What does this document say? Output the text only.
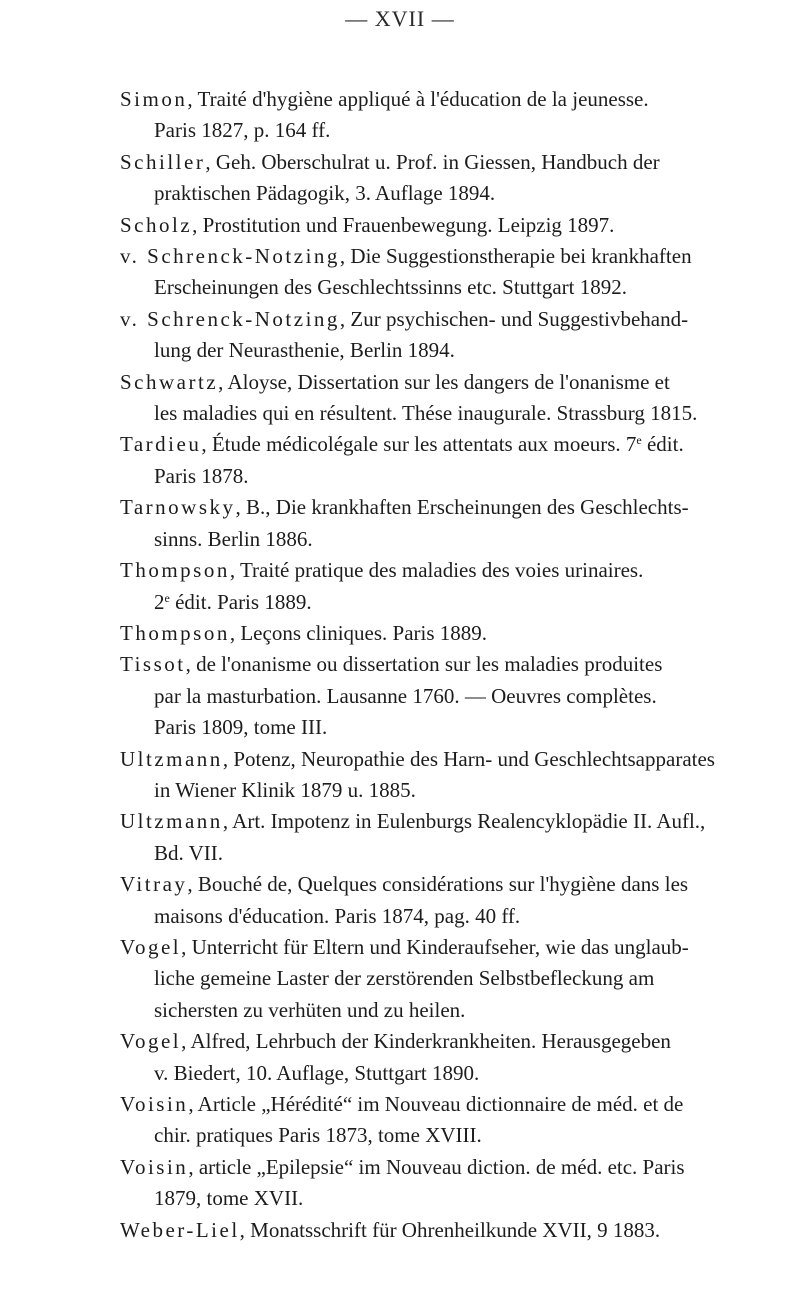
— XVII —
Simon, Traité d'hygiène appliqué à l'éducation de la jeunesse.
Paris 1827, p. 164 ff.
Schiller, Geh. Oberschulrat u. Prof. in Giessen, Handbuch der
praktischen Pädagogik, 3. Auflage 1894.
Scholz, Prostitution und Frauenbewegung. Leipzig 1897.
v. Schrenck-Notzing, Die Suggestionstherapie bei krankhaften
Erscheinungen des Geschlechtssinns etc. Stuttgart 1892.
v. Schrenck-Notzing, Zur psychischen- und Suggestivbehand-
lung der Neurasthenie, Berlin 1894.
Schwartz, Aloyse, Dissertation sur les dangers de l'onanisme et
les maladies qui en résultent. Thése inaugurale. Strassburg 1815.
Tardieu, Étude médicolégale sur les attentats aux moeurs. 7e édit.
Paris 1878.
Tarnowsky, B., Die krankhaften Erscheinungen des Geschlechts-
sinns. Berlin 1886.
Thompson, Traité pratique des maladies des voies urinaires.
2e édit. Paris 1889.
Thompson, Leçons cliniques. Paris 1889.
Tissot, de l'onanisme ou dissertation sur les maladies produites
par la masturbation. Lausanne 1760. — Oeuvres complètes.
Paris 1809, tome III.
Ultzmann, Potenz, Neuropathie des Harn- und Geschlechtsapparates
in Wiener Klinik 1879 u. 1885.
Ultzmann, Art. Impotenz in Eulenburgs Realencyklopädie II. Aufl.,
Bd. VII.
Vitray, Bouché de, Quelques considérations sur l'hygiène dans les
maisons d'éducation. Paris 1874, pag. 40 ff.
Vogel, Unterricht für Eltern und Kinderaufseher, wie das unglaub-
liche gemeine Laster der zerstörenden Selbstbefleckung am
sichersten zu verhüten und zu heilen.
Vogel, Alfred, Lehrbuch der Kinderkrankheiten. Herausgegeben
v. Biedert, 10. Auflage, Stuttgart 1890.
Voisin, Article „Hérédité“ im Nouveau dictionnaire de méd. et de
chir. pratiques Paris 1873, tome XVIII.
Voisin, article „Epilepsie“ im Nouveau diction. de méd. etc. Paris
1879, tome XVII.
Weber-Liel, Monatsschrift für Ohrenheilkunde XVII, 9 1883.
